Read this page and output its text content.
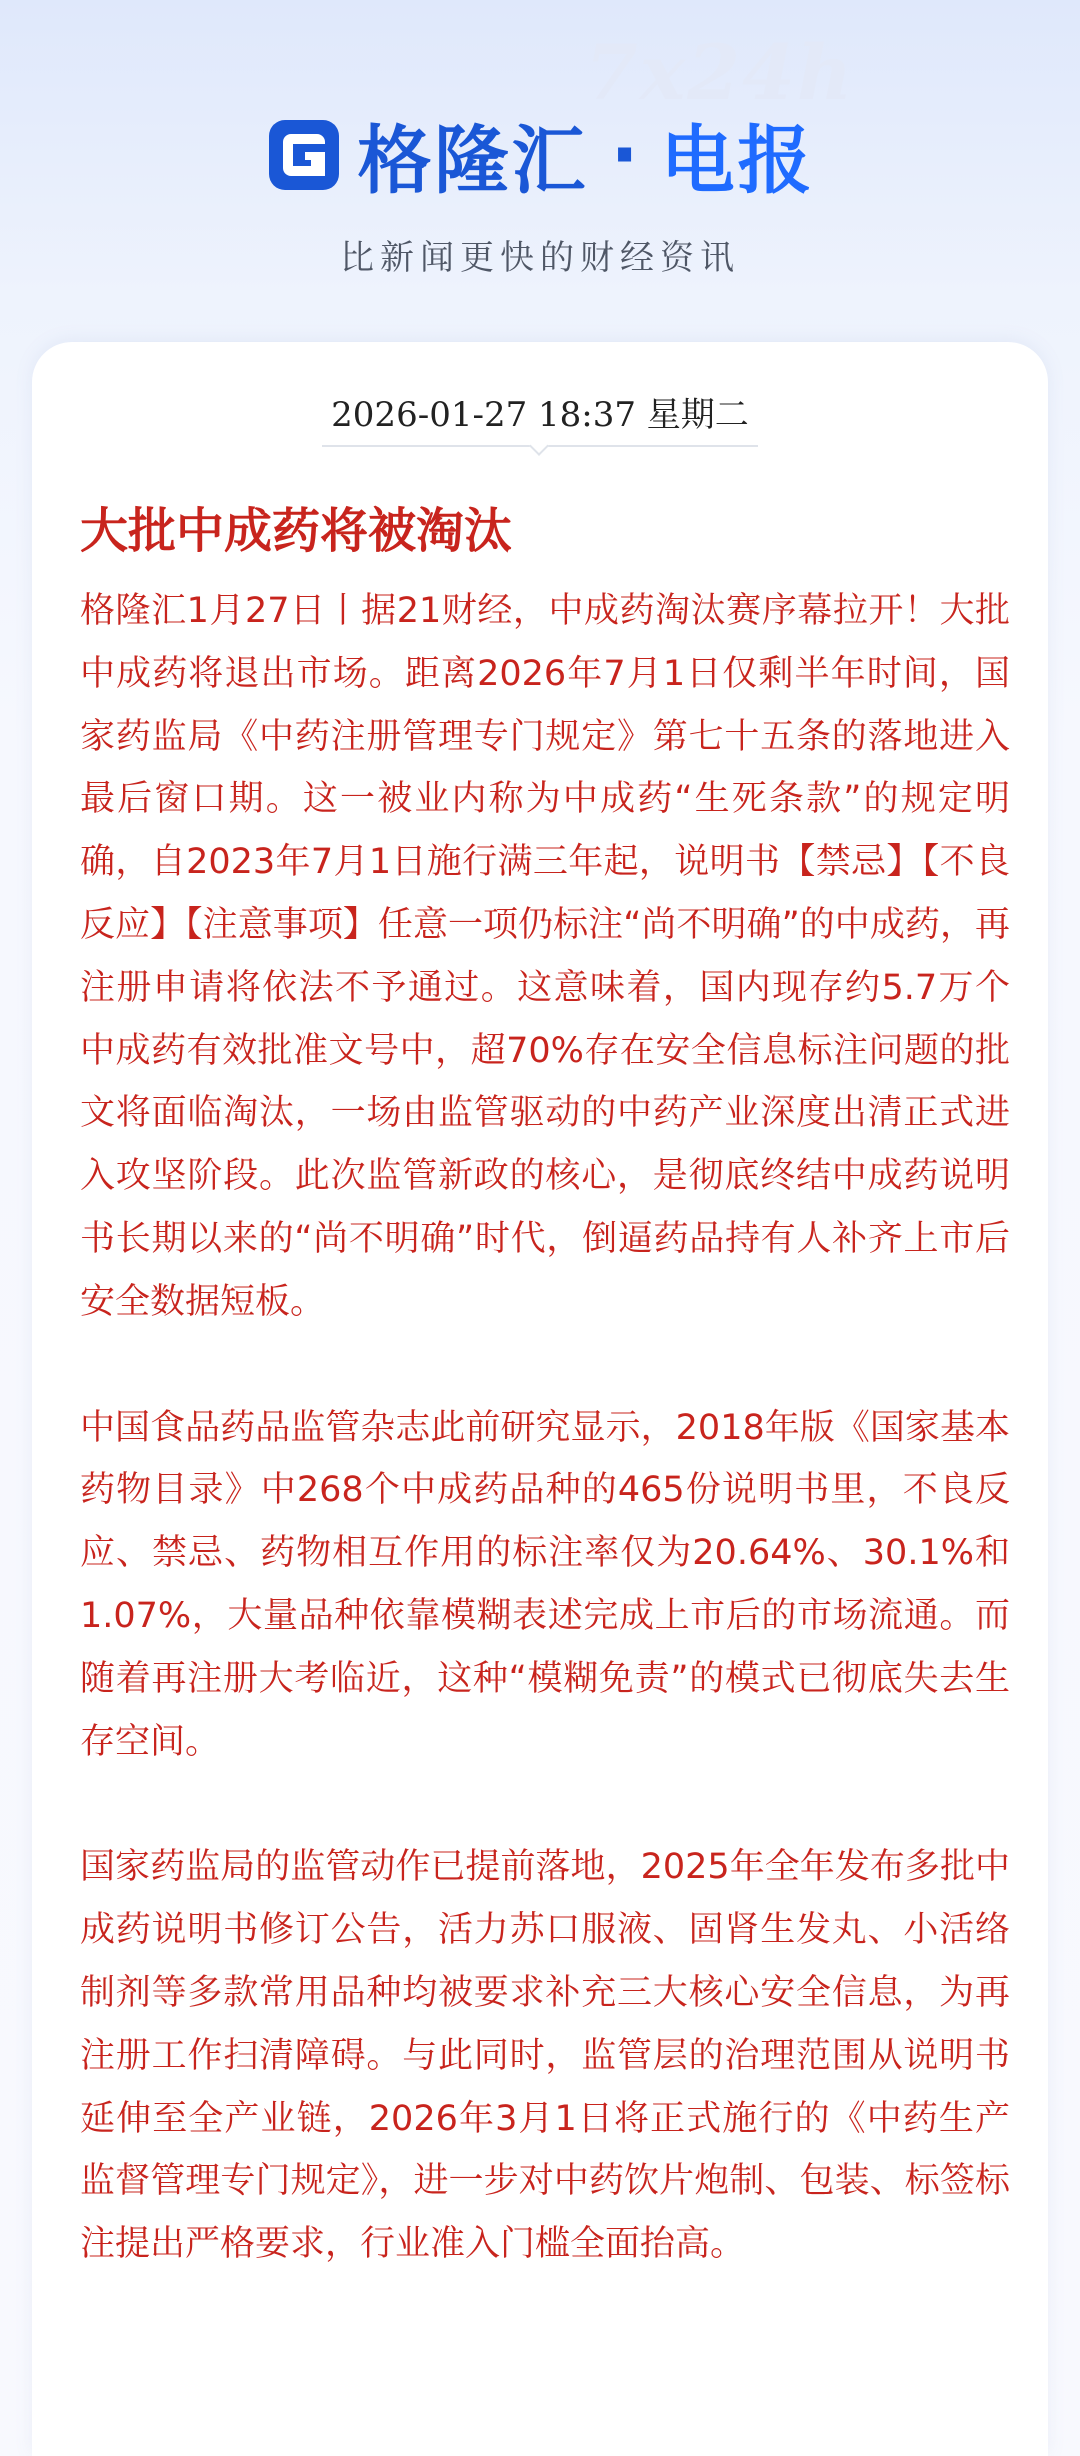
7x24h
格隆汇 · 电报
比新闻更快的财经资讯
2026-01-27 18:37 星期二
大批中成药将被淘汰

格隆汇1月27日丨据21财经，中成药淘汰赛序幕拉开！大批中成药将退出市场。距离2026年7月1日仅剩半年时间，国家药监局《中药注册管理专门规定》第七十五条的落地进入最后窗口期。这一被业内称为中成药“生死条款”的规定明确，自2023年7月1日施行满三年起，说明书【禁忌】【不良反应】【注意事项】任意一项仍标注“尚不明确”的中成药，再注册申请将依法不予通过。这意味着，国内现存约5.7万个中成药有效批准文号中，超70%存在安全信息标注问题的批文将面临淘汰，一场由监管驱动的中药产业深度出清正式进入攻坚阶段。此次监管新政的核心，是彻底终结中成药说明书长期以来的“尚不明确”时代，倒逼药品持有人补齐上市后安全数据短板。

中国食品药品监管杂志此前研究显示，2018年版《国家基本药物目录》中268个中成药品种的465份说明书里，不良反应、禁忌、药物相互作用的标注率仅为20.64%、30.1%和1.07%，大量品种依靠模糊表述完成上市后的市场流通。而随着再注册大考临近，这种“模糊免责”的模式已彻底失去生存空间。

国家药监局的监管动作已提前落地，2025年全年发布多批中成药说明书修订公告，活力苏口服液、固肾生发丸、小活络制剂等多款常用品种均被要求补充三大核心安全信息，为再注册工作扫清障碍。与此同时，监管层的治理范围从说明书延伸至全产业链，2026年3月1日将正式施行的《中药生产监督管理专门规定》，进一步对中药饮片炮制、包装、标签标注提出严格要求，行业准入门槛全面抬高。
